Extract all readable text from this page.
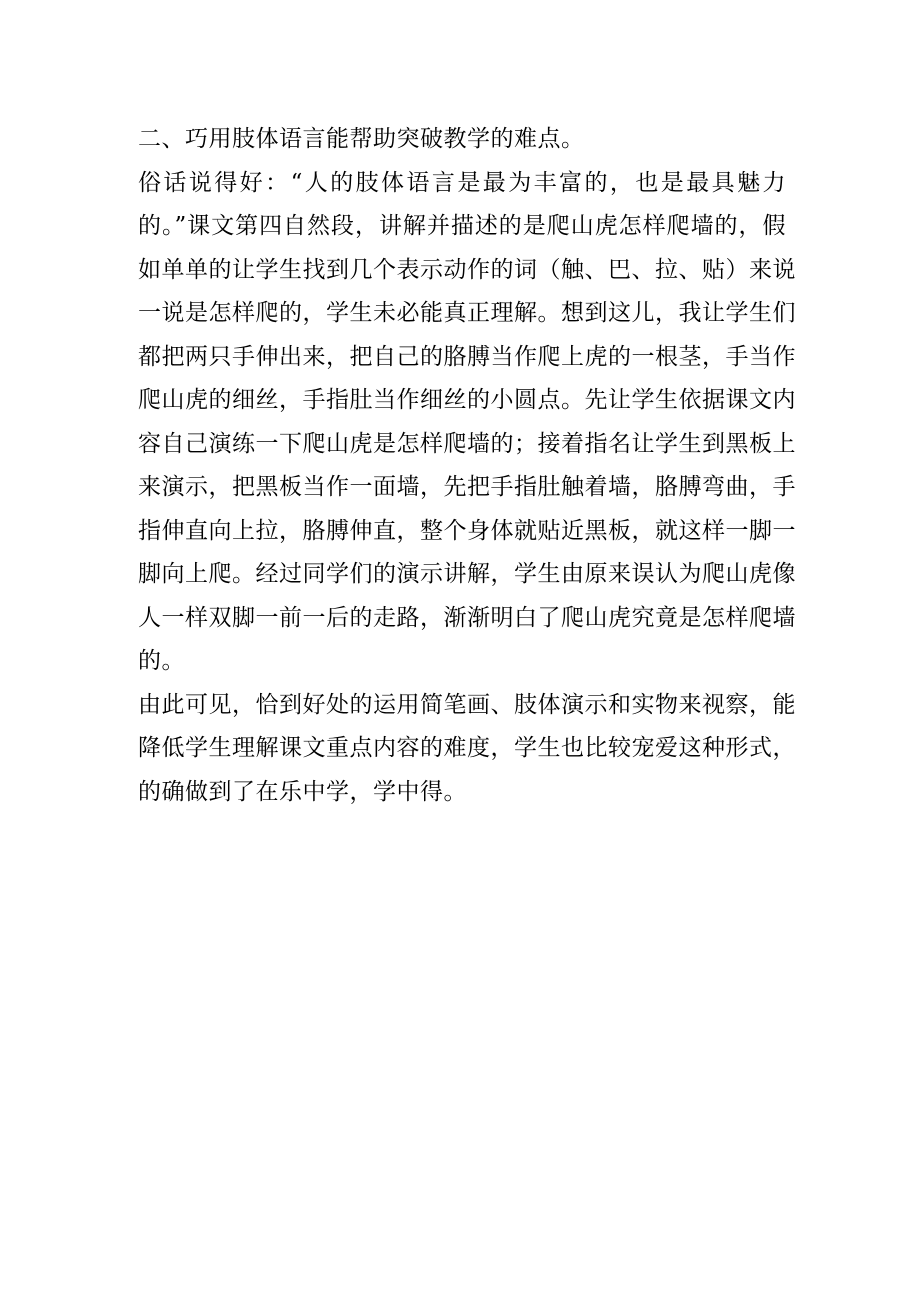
二、巧用肢体语言能帮助突破教学的难点。
俗话说得好：“人的肢体语言是最为丰富的，也是最具魅力
的。”课文第四自然段，讲解并描述的是爬山虎怎样爬墙的，假
如单单的让学生找到几个表示动作的词（触、巴、拉、贴）来说
一说是怎样爬的，学生未必能真正理解。想到这儿，我让学生们
都把两只手伸出来，把自己的胳膊当作爬上虎的一根茎，手当作
爬山虎的细丝，手指肚当作细丝的小圆点。先让学生依据课文内
容自己演练一下爬山虎是怎样爬墙的；接着指名让学生到黑板上
来演示，把黑板当作一面墙，先把手指肚触着墙，胳膊弯曲，手
指伸直向上拉，胳膊伸直，整个身体就贴近黑板，就这样一脚一
脚向上爬。经过同学们的演示讲解，学生由原来误认为爬山虎像
人一样双脚一前一后的走路，渐渐明白了爬山虎究竟是怎样爬墙
的。
由此可见，恰到好处的运用简笔画、肢体演示和实物来视察，能
降低学生理解课文重点内容的难度，学生也比较宠爱这种形式，
的确做到了在乐中学，学中得。
